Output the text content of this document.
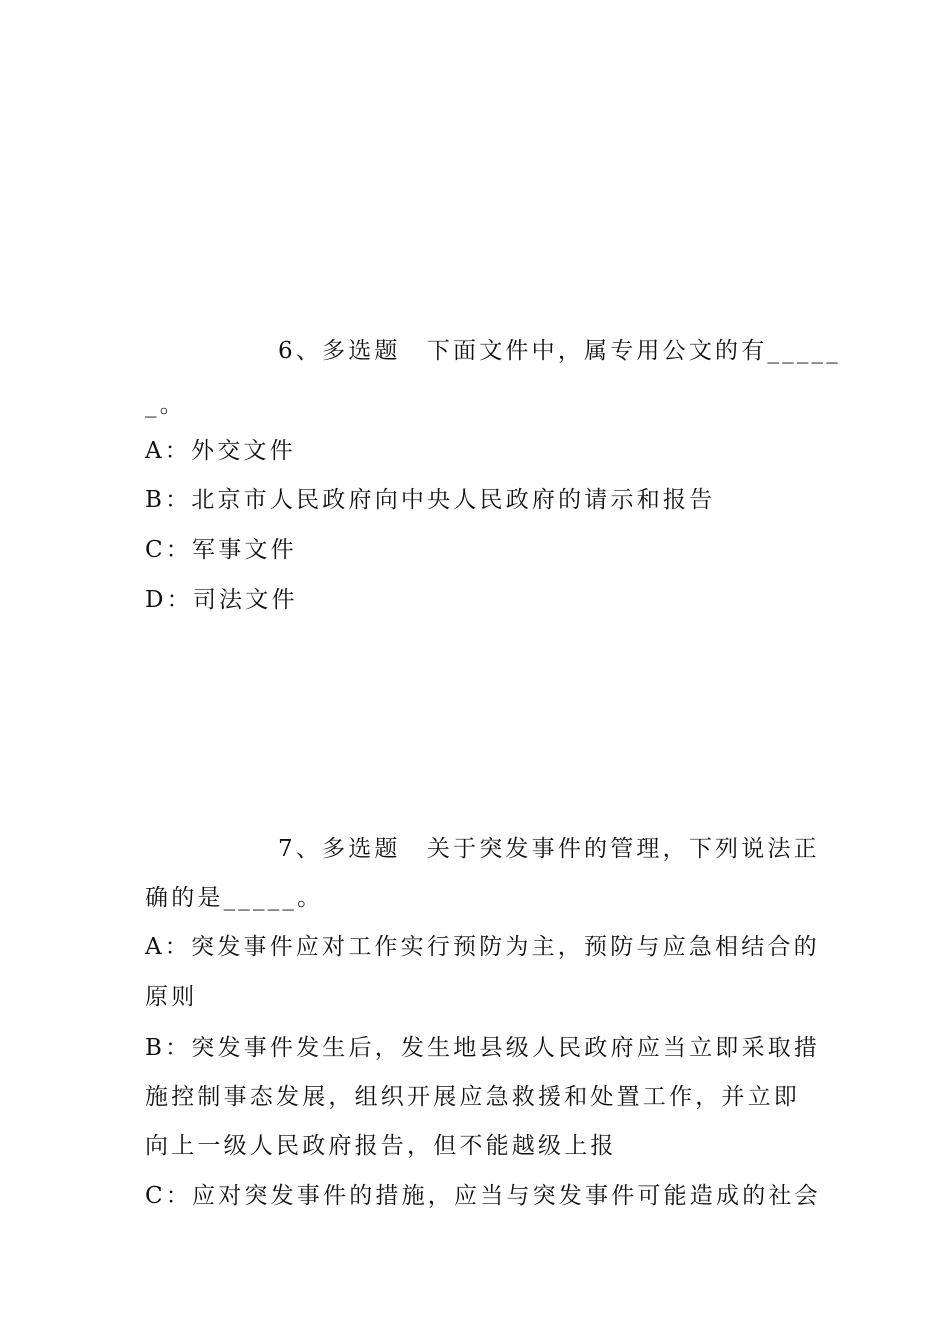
6、多选题　下面文件中，属专用公文的有_____
_。
A：外交文件
B：北京市人民政府向中央人民政府的请示和报告
C：军事文件
D：司法文件
7、多选题　关于突发事件的管理，下列说法正
确的是_____。
A：突发事件应对工作实行预防为主，预防与应急相结合的
原则
B：突发事件发生后，发生地县级人民政府应当立即采取措
施控制事态发展，组织开展应急救援和处置工作，并立即
向上一级人民政府报告，但不能越级上报
C：应对突发事件的措施，应当与突发事件可能造成的社会
